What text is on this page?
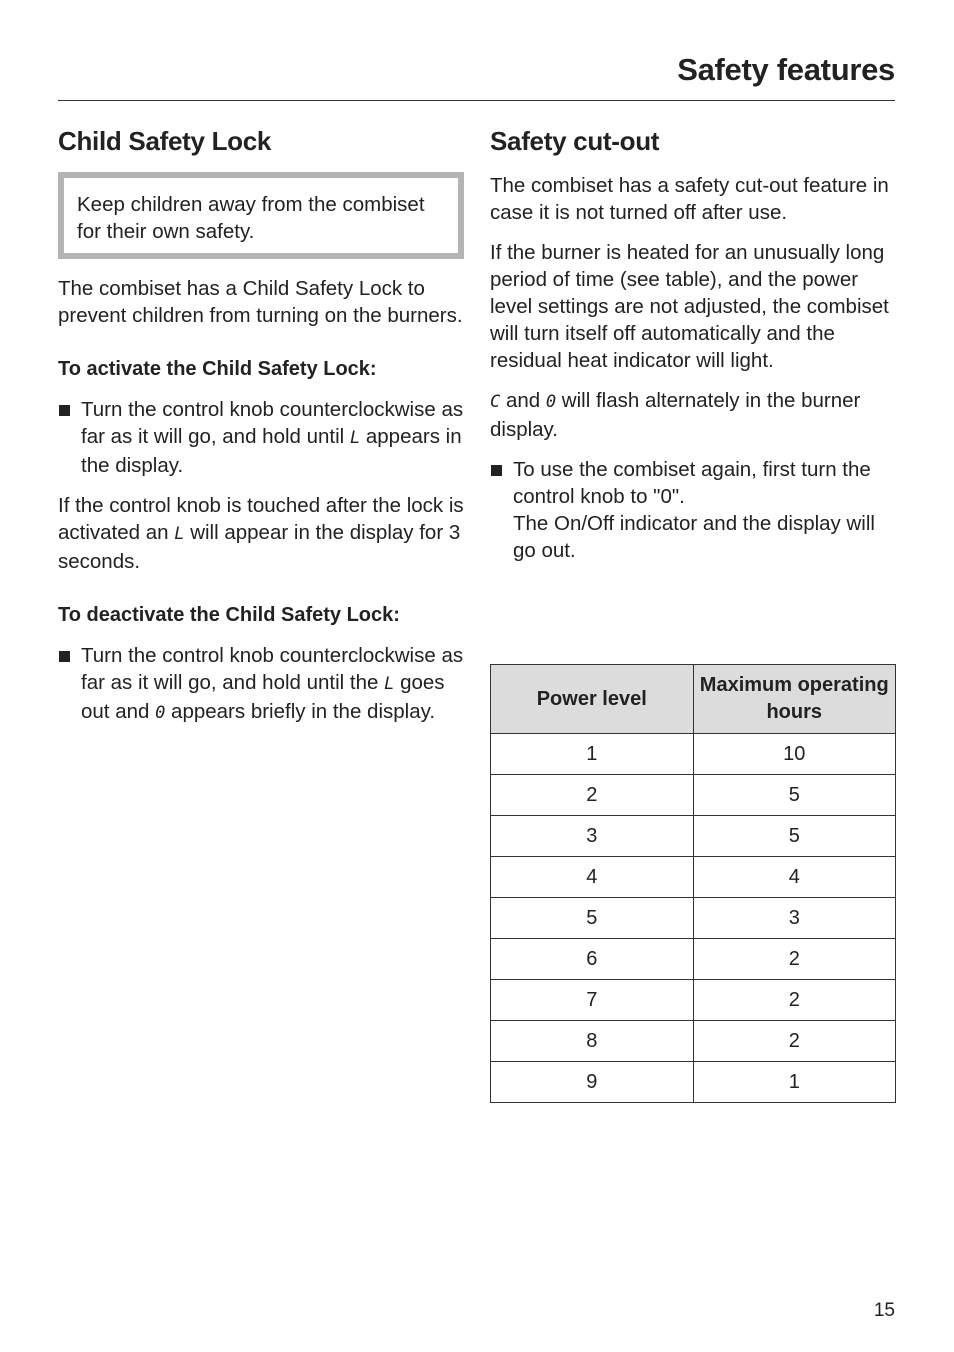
Safety features
Child Safety Lock

Keep children away from the combiset for their own safety.

The combiset has a Child Safety Lock to prevent children from turning on the burners.

To activate the Child Safety Lock:
Turn the control knob counterclockwise as far as it will go, and hold until L appears in the display.

If the control knob is touched after the lock is activated an L will appear in the display for 3 seconds.

To deactivate the Child Safety Lock:
Turn the control knob counterclockwise as far as it will go, and hold until the L goes out and 0 appears briefly in the display.
Safety cut-out

The combiset has a safety cut-out feature in case it is not turned off after use.

If the burner is heated for an unusually long period of time (see table), and the power level settings are not adjusted, the combiset will turn itself off automatically and the residual heat indicator will light.

C and 0 will flash alternately in the burner display.

To use the combiset again, first turn the control knob to "0".
The On/Off indicator and the display will go out.
Power level	Maximum operating hours
1	10
2	5
3	5
4	4
5	3
6	2
7	2
8	2
9	1
15
